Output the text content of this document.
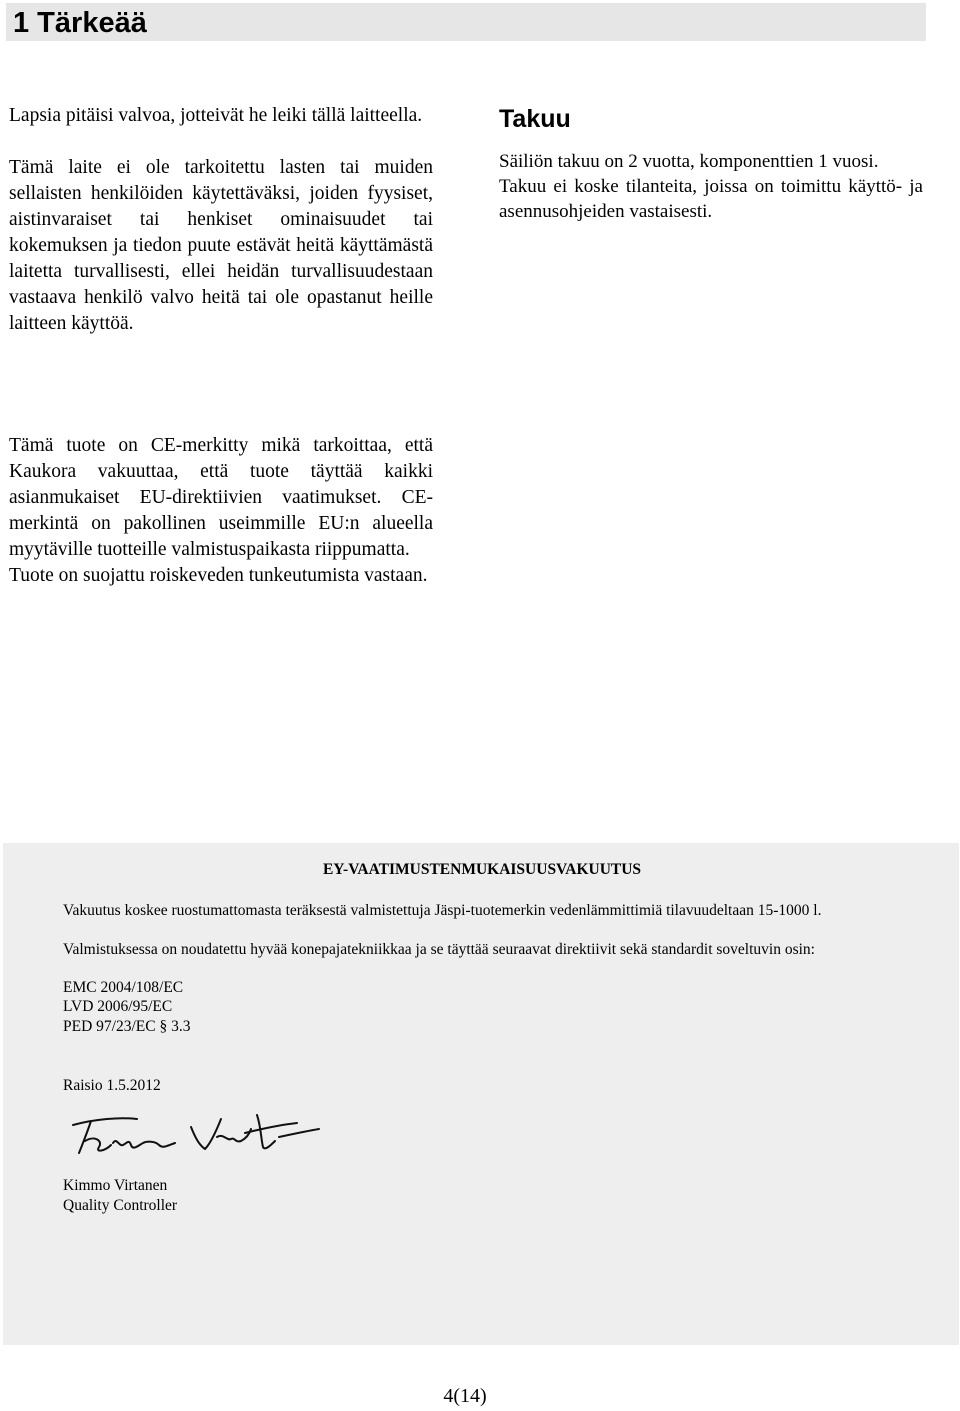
1 Tärkeää

Lapsia pitäisi valvoa, jotteivät he leiki tällä laitteella.

Tämä laite ei ole tarkoitettu lasten tai muiden sellaisten henkilöiden käytettäväksi, joiden fyysiset, aistinvaraiset tai henkiset ominaisuudet tai kokemuksen ja tiedon puute estävät heitä käyttämästä laitetta turvallisesti, ellei heidän turvallisuudestaan vastaava henkilö valvo heitä tai ole opastanut heille laitteen käyttöä.

Tämä tuote on CE-merkitty mikä tarkoittaa, että Kaukora vakuuttaa, että tuote täyttää kaikki asianmukaiset EU-direktiivien vaatimukset. CE-merkintä on pakollinen useimmille EU:n alueella myytäville tuotteille valmistuspaikasta riippumatta.

Tuote on suojattu roiskeveden tunkeutumista vastaan.

Takuu

Säiliön takuu on 2 vuotta, komponenttien 1 vuosi.

Takuu ei koske tilanteita, joissa on toimittu käyttö- ja asennusohjeiden vastaisesti.

EY-VAATIMUSTENMUKAISUUSVAKUUTUS
Vakuutus koskee ruostumattomasta teräksestä valmistettuja Jäspi-tuotemerkin vedenlämmittimiä tilavuudeltaan 15-1000 l.
Valmistuksessa on noudatettu hyvää konepajatekniikkaa ja se täyttää seuraavat direktiivit sekä standardit soveltuvin osin:
EMC 2004/108/EC
LVD 2006/95/EC
PED 97/23/EC § 3.3
Raisio 1.5.2012
Kimmo Virtanen
Quality Controller
4(14)
